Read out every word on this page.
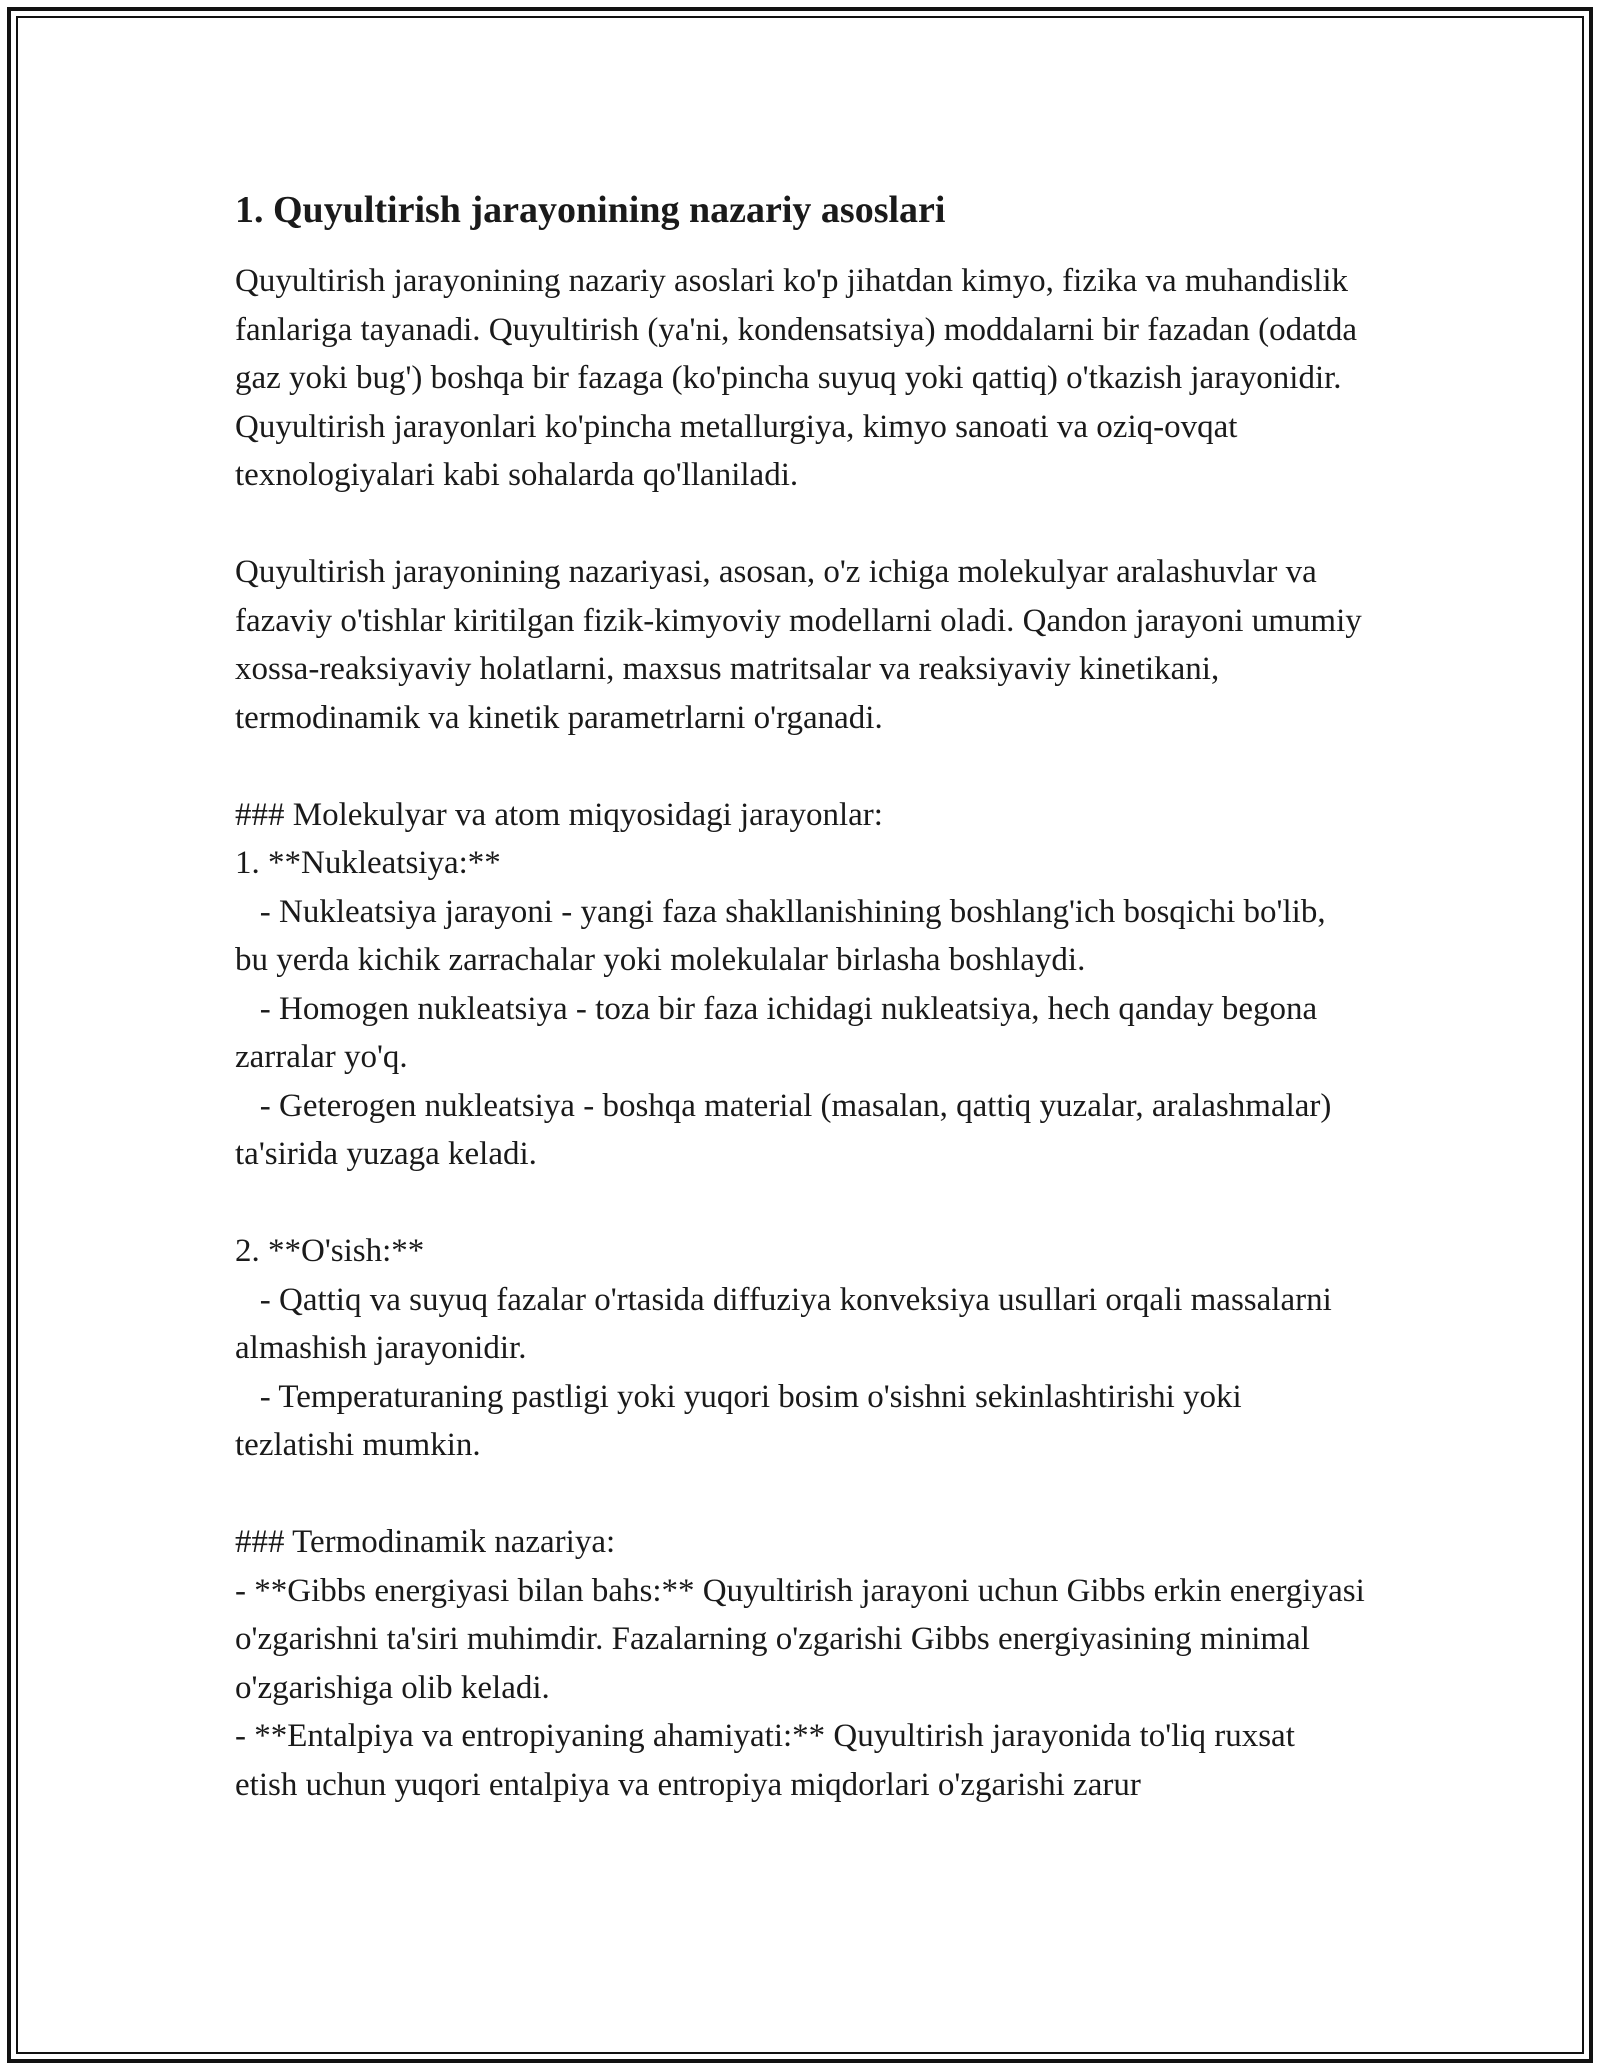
1. Quyultirish jarayonining nazariy asoslari

Quyultirish jarayonining nazariy asoslari ko'p jihatdan kimyo, fizika va muhandislik fanlariga tayanadi. Quyultirish (ya'ni, kondensatsiya) moddalarni bir fazadan (odatda gaz yoki bug') boshqa bir fazaga (ko'pincha suyuq yoki qattiq) o'tkazish jarayonidir. Quyultirish jarayonlari ko'pincha metallurgiya, kimyo sanoati va oziq-ovqat texnologiyalari kabi sohalarda qo'llaniladi.

Quyultirish jarayonining nazariyasi, asosan, o'z ichiga molekulyar aralashuvlar va fazaviy o'tishlar kiritilgan fizik-kimyoviy modellarni oladi. Qandon jarayoni umumiy xossa-reaksiyaviy holatlarni, maxsus matritsalar va reaksiyaviy kinetikani, termodinamik va kinetik parametrlarni o'rganadi.

### Molekulyar va atom miqyosidagi jarayonlar:

1. **Nukleatsiya:**

- Nukleatsiya jarayoni - yangi faza shakllanishining boshlang'ich bosqichi bo'lib, bu yerda kichik zarrachalar yoki molekulalar birlasha boshlaydi.

- Homogen nukleatsiya - toza bir faza ichidagi nukleatsiya, hech qanday begona zarralar yo'q.

- Geterogen nukleatsiya - boshqa material (masalan, qattiq yuzalar, aralashmalar) ta'sirida yuzaga keladi.

2. **O'sish:**

- Qattiq va suyuq fazalar o'rtasida diffuziya konveksiya usullari orqali massalarni almashish jarayonidir.

- Temperaturaning pastligi yoki yuqori bosim o'sishni sekinlashtirishi yoki tezlatishi mumkin.

### Termodinamik nazariya:

- **Gibbs energiyasi bilan bahs:** Quyultirish jarayoni uchun Gibbs erkin energiyasi o'zgarishni ta'siri muhimdir. Fazalarning o'zgarishi Gibbs energiyasining minimal o'zgarishiga olib keladi.

- **Entalpiya va entropiyaning ahamiyati:** Quyultirish jarayonida to'liq ruxsat etish uchun yuqori entalpiya va entropiya miqdorlari o'zgarishi zarur
